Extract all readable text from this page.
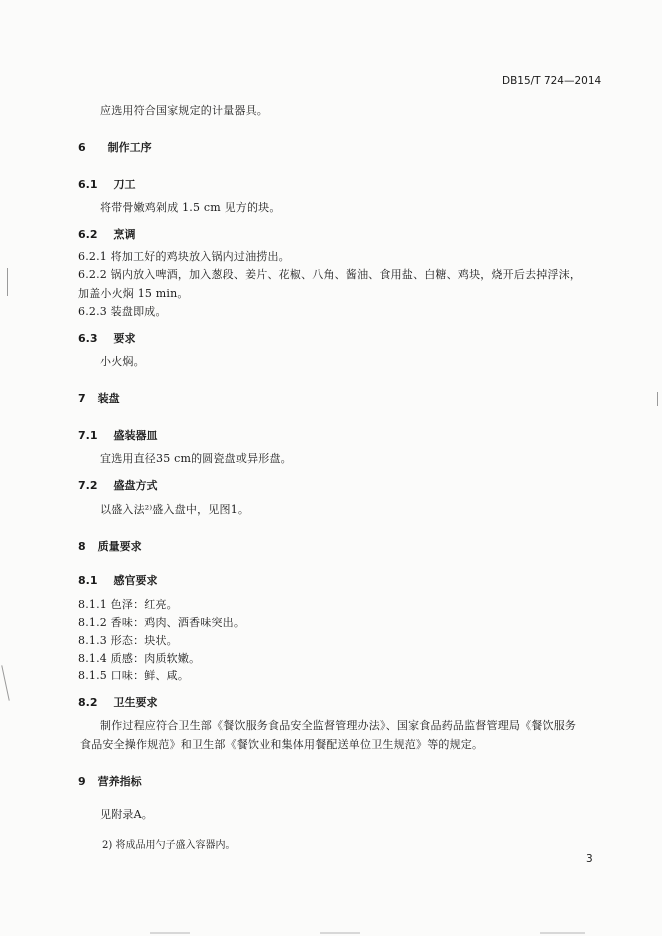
DB15/T 724—2014
应选用符合国家规定的计量器具。
6 制作工序
6.1 刀工
将带骨嫩鸡剁成 1.5 cm 见方的块。
6.2 烹调
6.2.1 将加工好的鸡块放入锅内过油捞出。
6.2.2 锅内放入啤酒，加入葱段、姜片、花椒、八角、酱油、食用盐、白糖、鸡块，烧开后去掉浮沫，
加盖小火焖 15 min。
6.2.3 装盘即成。
6.3 要求
小火焖。
7 装盘
7.1 盛装器皿
宜选用直径35 cm的圆瓷盘或异形盘。
7.2 盛盘方式
以盛入法²⁾盛入盘中，见图1。
8 质量要求
8.1 感官要求
8.1.1 色泽：红亮。
8.1.2 香味：鸡肉、酒香味突出。
8.1.3 形态：块状。
8.1.4 质感：肉质软嫩。
8.1.5 口味：鲜、咸。
8.2 卫生要求
制作过程应符合卫生部《餐饮服务食品安全监督管理办法》、国家食品药品监督管理局《餐饮服务
食品安全操作规范》和卫生部《餐饮业和集体用餐配送单位卫生规范》等的规定。
9 营养指标
见附录A。
2) 将成品用勺子盛入容器内。
3
